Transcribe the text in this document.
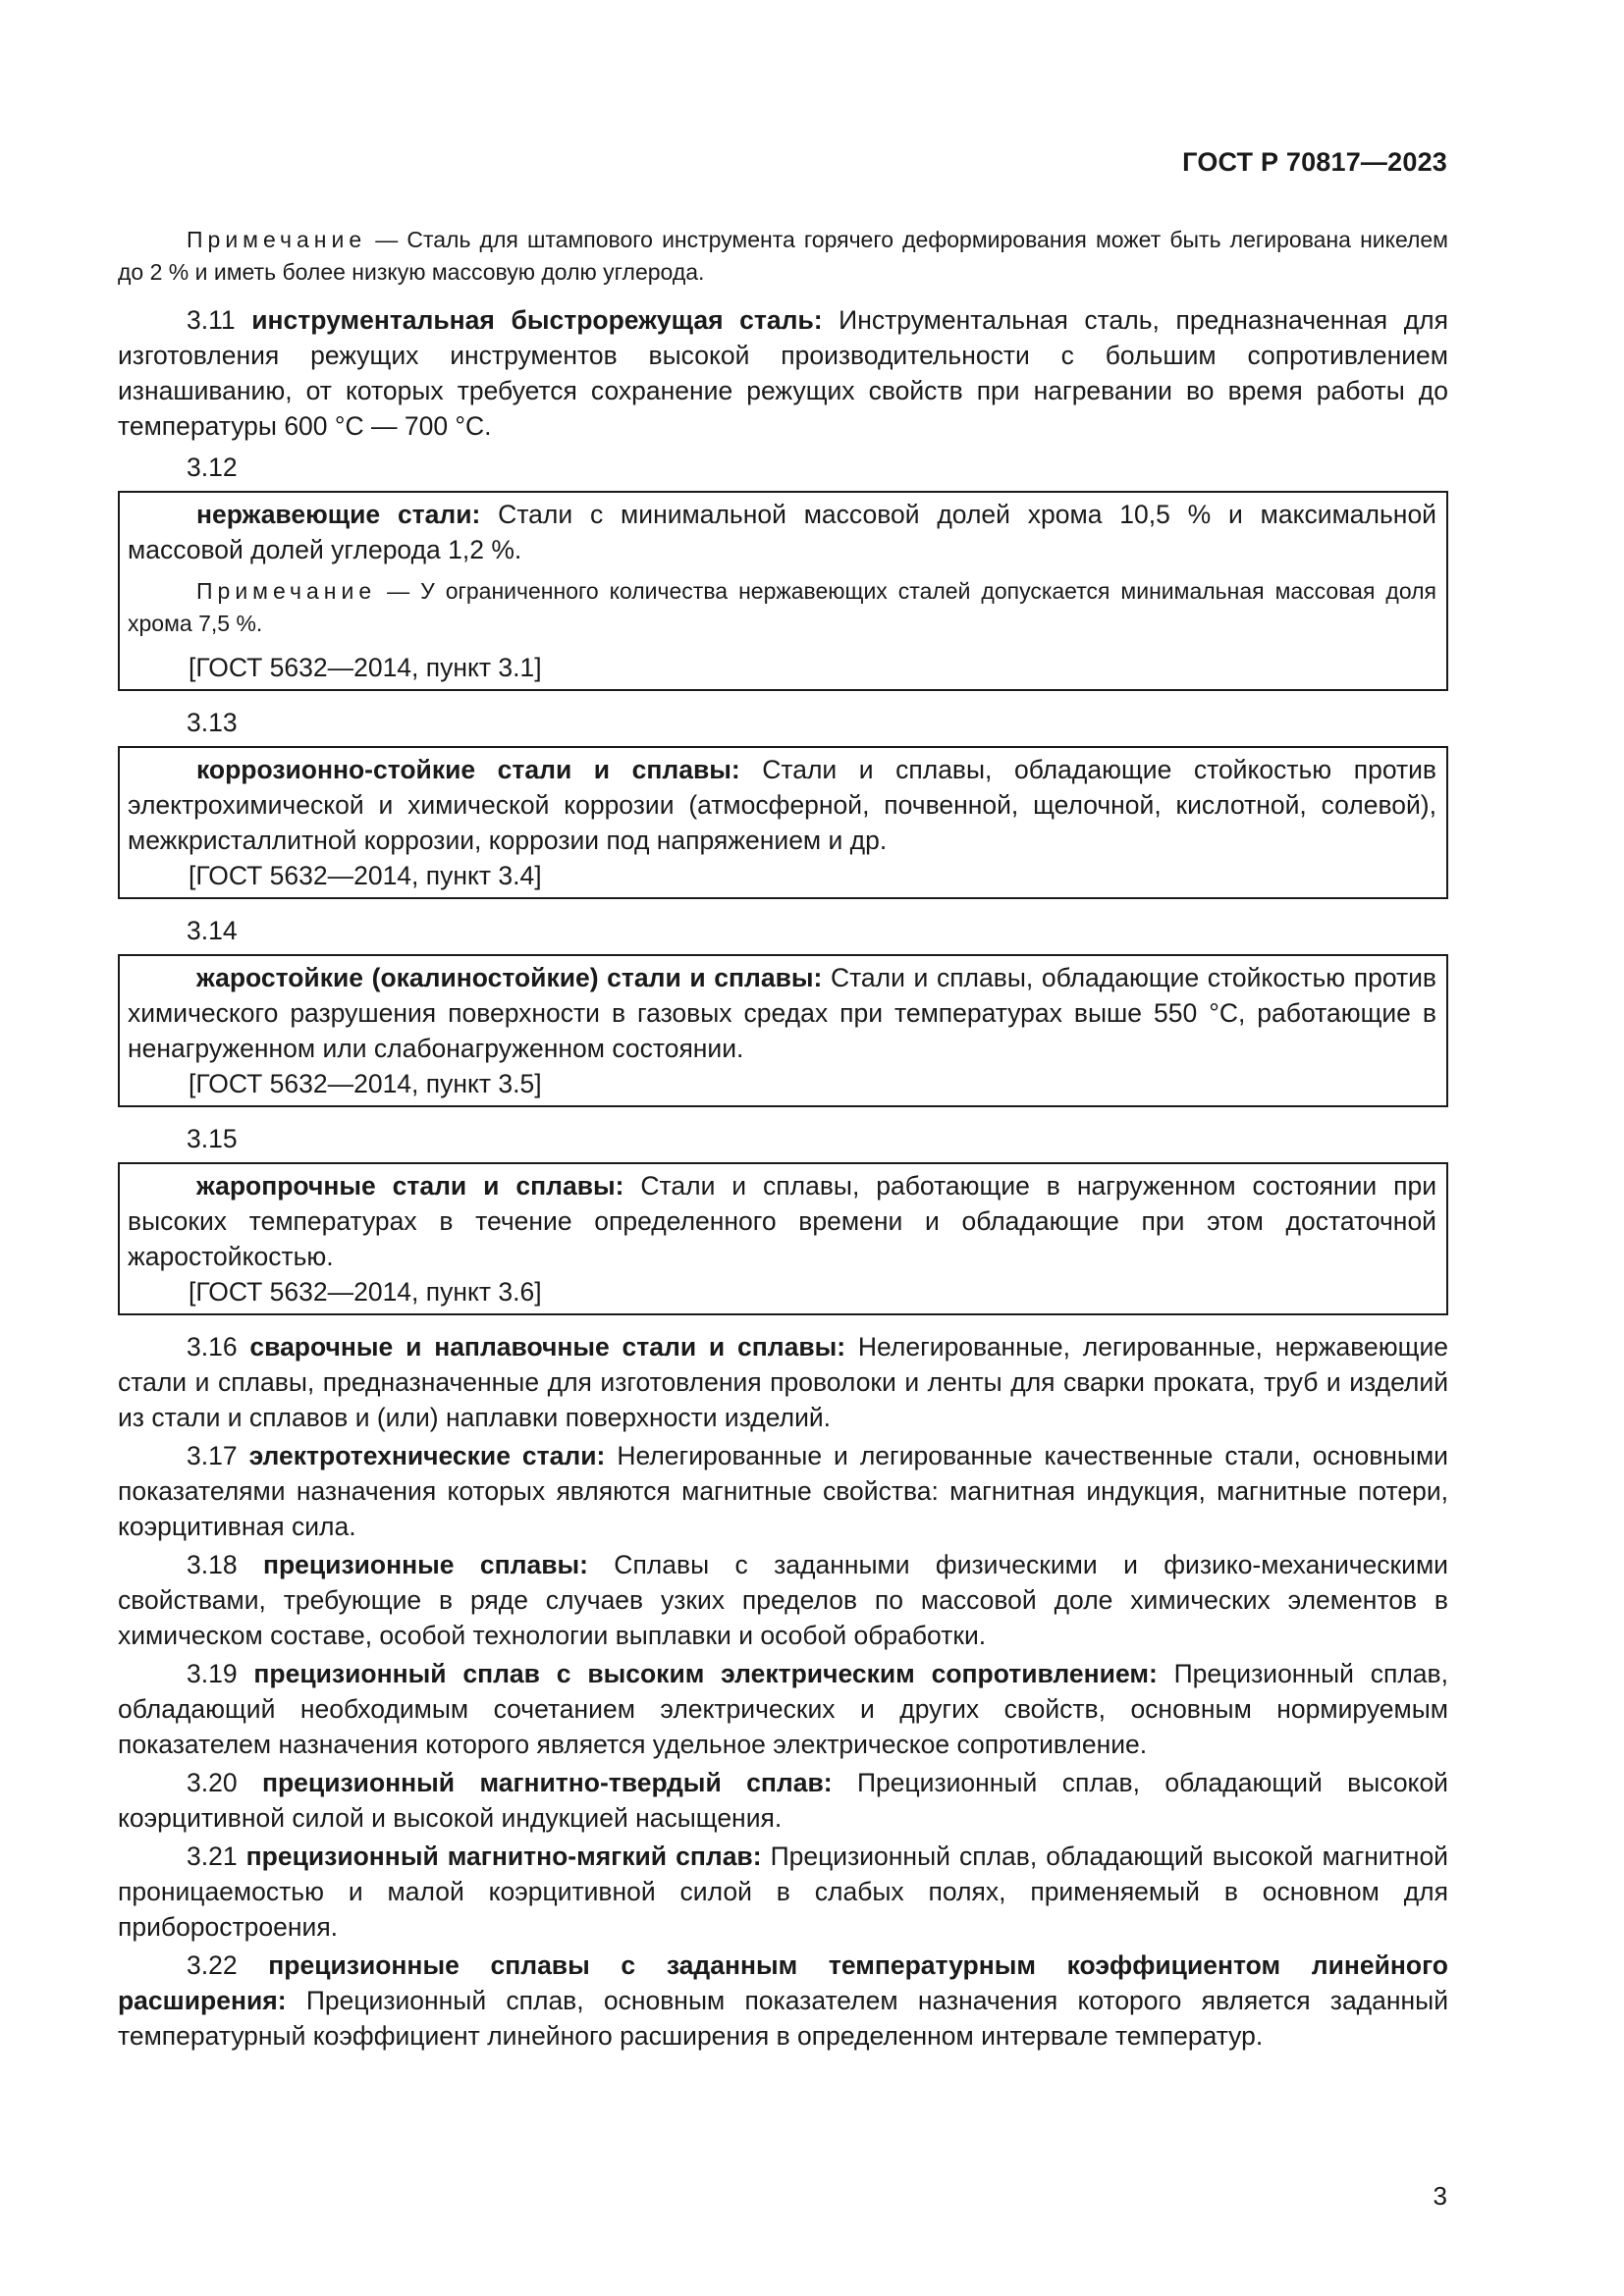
ГОСТ Р 70817—2023
Примечание — Сталь для штампового инструмента горячего деформирования может быть легирована никелем до 2 % и иметь более низкую массовую долю углерода.
3.11 инструментальная быстрорежущая сталь: Инструментальная сталь, предназначенная для изготовления режущих инструментов высокой производительности с большим сопротивлением изнашиванию, от которых требуется сохранение режущих свойств при нагревании во время работы до температуры 600 °С — 700 °С.
3.12
нержавеющие стали: Стали с минимальной массовой долей хрома 10,5 % и максимальной массовой долей углерода 1,2 %.
Примечание — У ограниченного количества нержавеющих сталей допускается минимальная массовая доля хрома 7,5 %.
[ГОСТ 5632—2014, пункт 3.1]
3.13
коррозионно-стойкие стали и сплавы: Стали и сплавы, обладающие стойкостью против электрохимической и химической коррозии (атмосферной, почвенной, щелочной, кислотной, солевой), межкристаллитной коррозии, коррозии под напряжением и др.
[ГОСТ 5632—2014, пункт 3.4]
3.14
жаростойкие (окалиностойкие) стали и сплавы: Стали и сплавы, обладающие стойкостью против химического разрушения поверхности в газовых средах при температурах выше 550 °С, работающие в ненагруженном или слабонагруженном состоянии.
[ГОСТ 5632—2014, пункт 3.5]
3.15
жаропрочные стали и сплавы: Стали и сплавы, работающие в нагруженном состоянии при высоких температурах в течение определенного времени и обладающие при этом достаточной жаростойкостью.
[ГОСТ 5632—2014, пункт 3.6]
3.16 сварочные и наплавочные стали и сплавы: Нелегированные, легированные, нержавеющие стали и сплавы, предназначенные для изготовления проволоки и ленты для сварки проката, труб и изделий из стали и сплавов и (или) наплавки поверхности изделий.
3.17 электротехнические стали: Нелегированные и легированные качественные стали, основными показателями назначения которых являются магнитные свойства: магнитная индукция, магнитные потери, коэрцитивная сила.
3.18 прецизионные сплавы: Сплавы с заданными физическими и физико-механическими свойствами, требующие в ряде случаев узких пределов по массовой доле химических элементов в химическом составе, особой технологии выплавки и особой обработки.
3.19 прецизионный сплав с высоким электрическим сопротивлением: Прецизионный сплав, обладающий необходимым сочетанием электрических и других свойств, основным нормируемым показателем назначения которого является удельное электрическое сопротивление.
3.20 прецизионный магнитно-твердый сплав: Прецизионный сплав, обладающий высокой коэрцитивной силой и высокой индукцией насыщения.
3.21 прецизионный магнитно-мягкий сплав: Прецизионный сплав, обладающий высокой магнитной проницаемостью и малой коэрцитивной силой в слабых полях, применяемый в основном для приборостроения.
3.22 прецизионные сплавы с заданным температурным коэффициентом линейного расширения: Прецизионный сплав, основным показателем назначения которого является заданный температурный коэффициент линейного расширения в определенном интервале температур.
3
